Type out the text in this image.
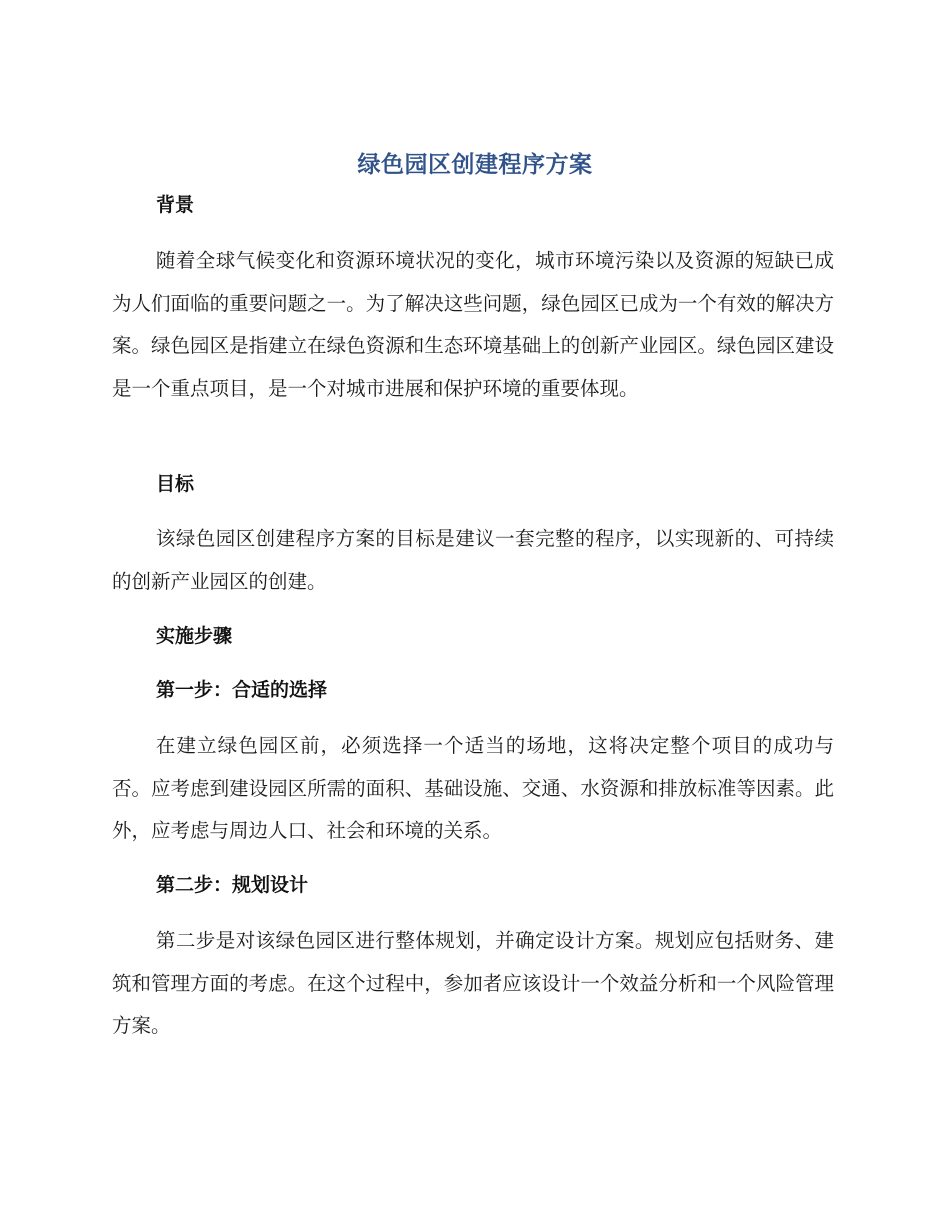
绿色园区创建程序方案
背景

随着全球气候变化和资源环境状况的变化，城市环境污染以及资源的短缺已成为人们面临的重要问题之一。为了解决这些问题，绿色园区已成为一个有效的解决方案。绿色园区是指建立在绿色资源和生态环境基础上的创新产业园区。绿色园区建设是一个重点项目，是一个对城市进展和保护环境的重要体现。

目标

该绿色园区创建程序方案的目标是建议一套完整的程序，以实现新的、可持续的创新产业园区的创建。

实施步骤
第一步：合适的选择

在建立绿色园区前，必须选择一个适当的场地，这将决定整个项目的成功与否。应考虑到建设园区所需的面积、基础设施、交通、水资源和排放标准等因素。此外，应考虑与周边人口、社会和环境的关系。

第二步：规划设计

第二步是对该绿色园区进行整体规划，并确定设计方案。规划应包括财务、建筑和管理方面的考虑。在这个过程中，参加者应该设计一个效益分析和一个风险管理方案。
